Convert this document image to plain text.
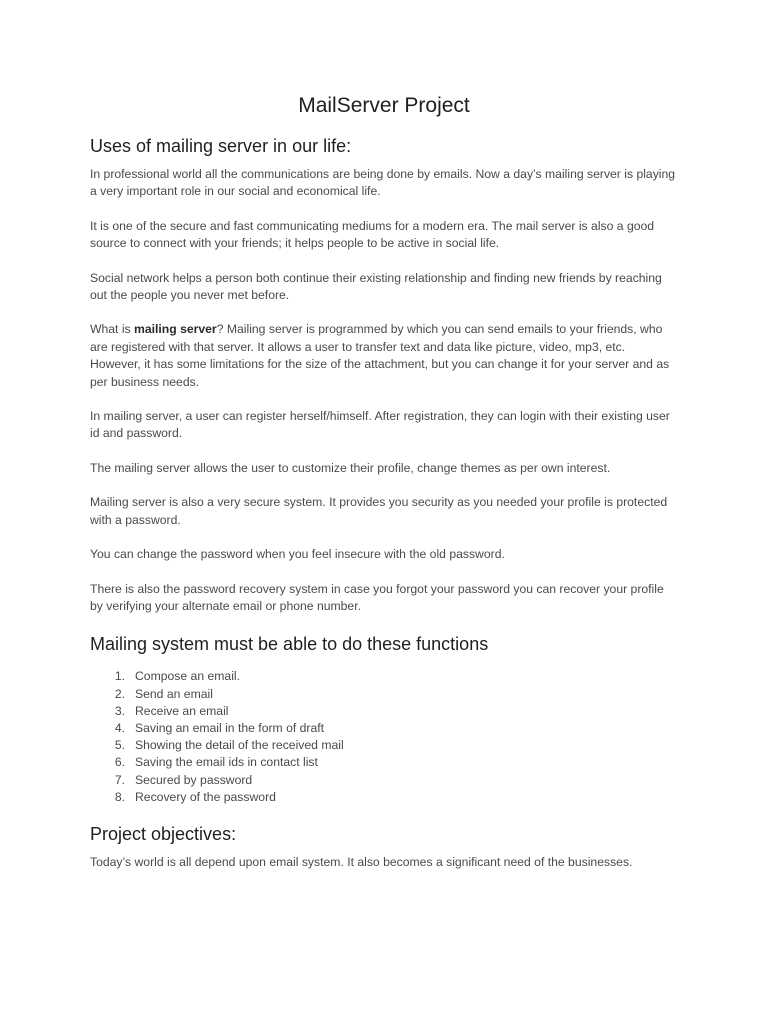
MailServer Project
Uses of mailing server in our life:

In professional world all the communications are being done by emails. Now a day’s mailing server is playing a very important role in our social and economical life.

It is one of the secure and fast communicating mediums for a modern era. The mail server is also a good source to connect with your friends; it helps people to be active in social life.

Social network helps a person both continue their existing relationship and finding new friends by reaching out the people you never met before.

What is mailing server? Mailing server is programmed by which you can send emails to your friends, who are registered with that server. It allows a user to transfer text and data like picture, video, mp3, etc. However, it has some limitations for the size of the attachment, but you can change it for your server and as per business needs.

In mailing server, a user can register herself/himself. After registration, they can login with their existing user id and password.

The mailing server allows the user to customize their profile, change themes as per own interest.

Mailing server is also a very secure system. It provides you security as you needed your profile is protected with a password.

You can change the password when you feel insecure with the old password.

There is also the password recovery system in case you forgot your password you can recover your profile by verifying your alternate email or phone number.

Mailing system must be able to do these functions
1. Compose an email.
2. Send an email
3. Receive an email
4. Saving an email in the form of draft
5. Showing the detail of the received mail
6. Saving the email ids in contact list
7. Secured by password
8. Recovery of the password
Project objectives:

Today’s world is all depend upon email system. It also becomes a significant need of the businesses.
